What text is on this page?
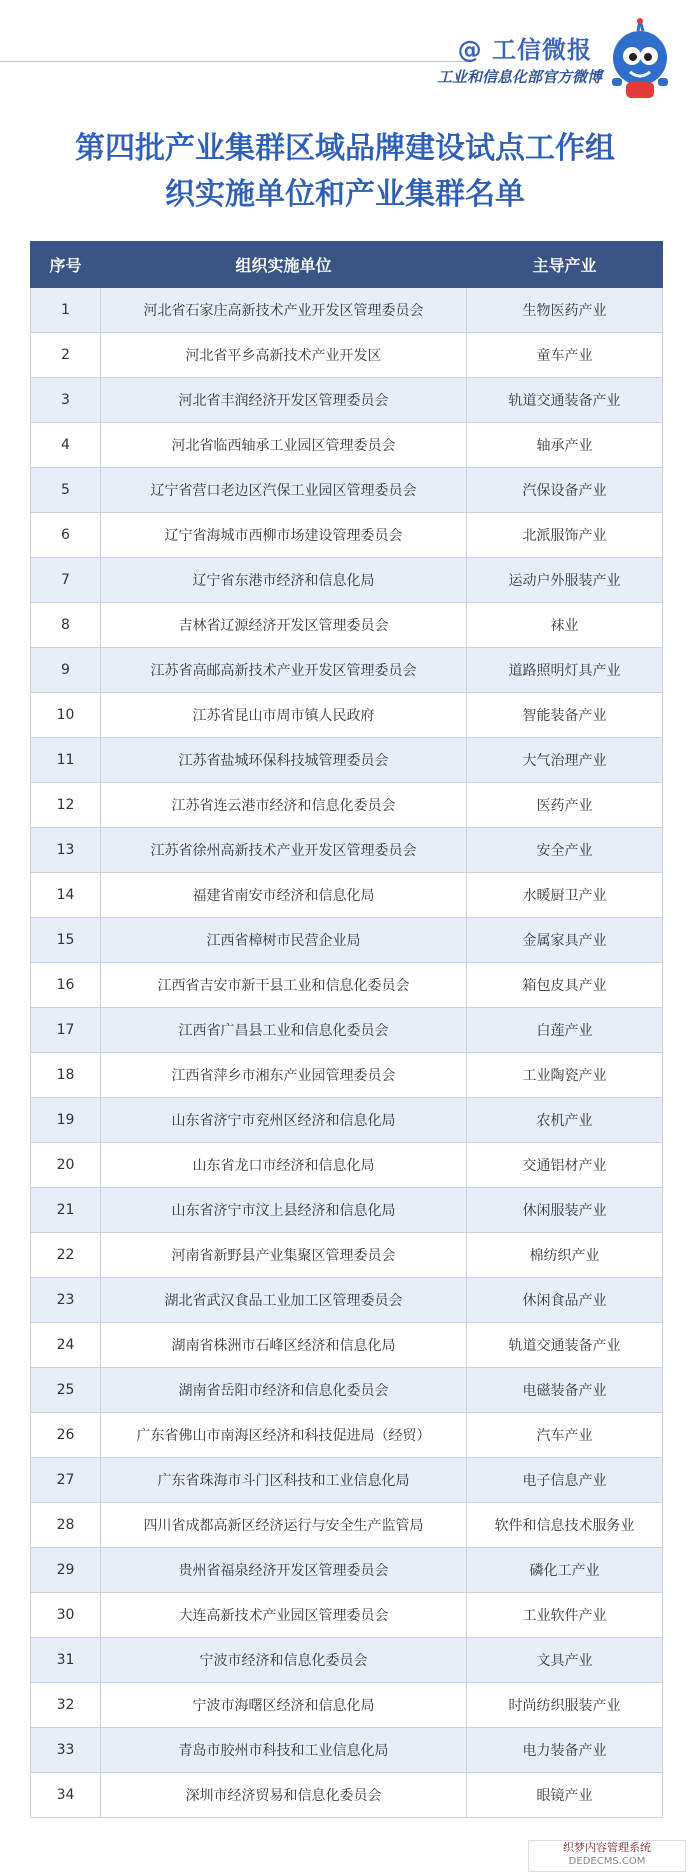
@ 工信微报
工业和信息化部官方微博
第四批产业集群区域品牌建设试点工作组
织实施单位和产业集群名单
序号	组织实施单位	主导产业
1	河北省石家庄高新技术产业开发区管理委员会	生物医药产业
2	河北省平乡高新技术产业开发区	童车产业
3	河北省丰润经济开发区管理委员会	轨道交通装备产业
4	河北省临西轴承工业园区管理委员会	轴承产业
5	辽宁省营口老边区汽保工业园区管理委员会	汽保设备产业
6	辽宁省海城市西柳市场建设管理委员会	北派服饰产业
7	辽宁省东港市经济和信息化局	运动户外服装产业
8	吉林省辽源经济开发区管理委员会	袜业
9	江苏省高邮高新技术产业开发区管理委员会	道路照明灯具产业
10	江苏省昆山市周市镇人民政府	智能装备产业
11	江苏省盐城环保科技城管理委员会	大气治理产业
12	江苏省连云港市经济和信息化委员会	医药产业
13	江苏省徐州高新技术产业开发区管理委员会	安全产业
14	福建省南安市经济和信息化局	水暖厨卫产业
15	江西省樟树市民营企业局	金属家具产业
16	江西省吉安市新干县工业和信息化委员会	箱包皮具产业
17	江西省广昌县工业和信息化委员会	白莲产业
18	江西省萍乡市湘东产业园管理委员会	工业陶瓷产业
19	山东省济宁市兖州区经济和信息化局	农机产业
20	山东省龙口市经济和信息化局	交通铝材产业
21	山东省济宁市汶上县经济和信息化局	休闲服装产业
22	河南省新野县产业集聚区管理委员会	棉纺织产业
23	湖北省武汉食品工业加工区管理委员会	休闲食品产业
24	湖南省株洲市石峰区经济和信息化局	轨道交通装备产业
25	湖南省岳阳市经济和信息化委员会	电磁装备产业
26	广东省佛山市南海区经济和科技促进局（经贸）	汽车产业
27	广东省珠海市斗门区科技和工业信息化局	电子信息产业
28	四川省成都高新区经济运行与安全生产监管局	软件和信息技术服务业
29	贵州省福泉经济开发区管理委员会	磷化工产业
30	大连高新技术产业园区管理委员会	工业软件产业
31	宁波市经济和信息化委员会	文具产业
32	宁波市海曙区经济和信息化局	时尚纺织服装产业
33	青岛市胶州市科技和工业信息化局	电力装备产业
34	深圳市经济贸易和信息化委员会	眼镜产业
织梦内容管理系统
DEDECMS.COM
